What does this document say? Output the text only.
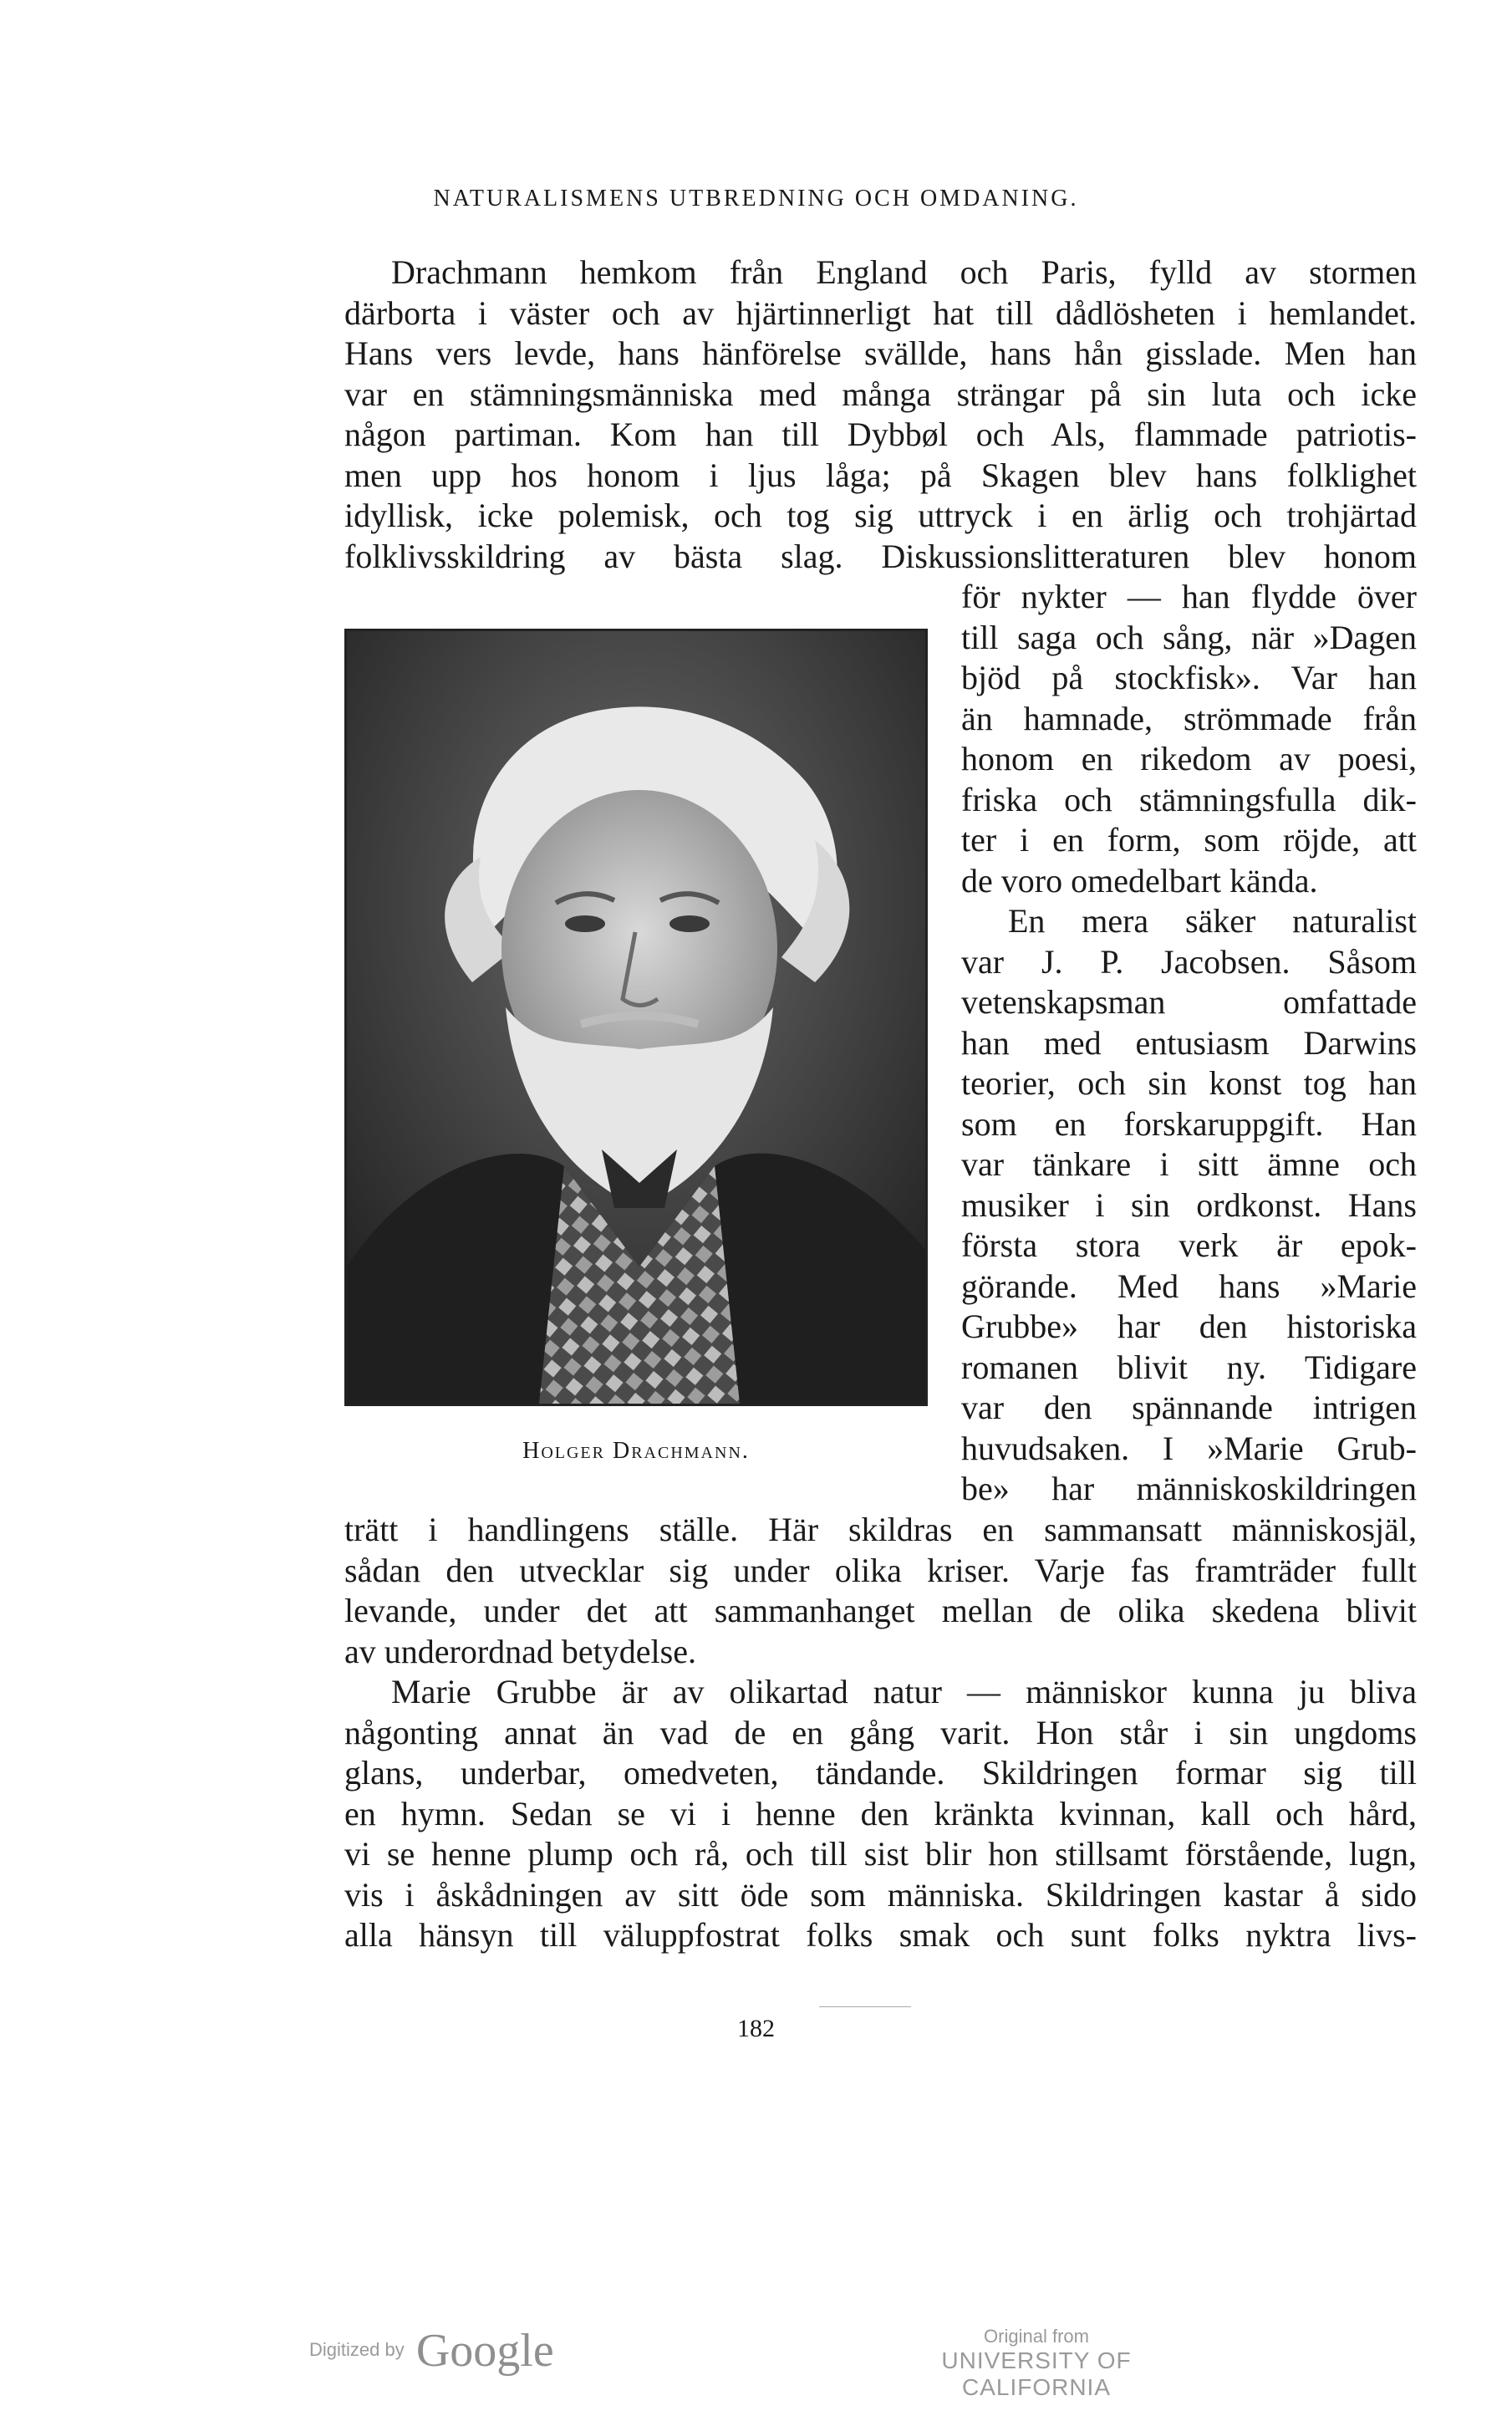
NATURALISMENS UTBREDNING OCH OMDANING.
Drachmann hemkom från England och Paris, fylld av stormen
därborta i väster och av hjärtinnerligt hat till dådlösheten i hemlandet.
Hans vers levde, hans hänförelse svällde, hans hån gisslade. Men han
var en stämningsmänniska med många strängar på sin luta och icke
någon partiman. Kom han till Dybbøl och Als, flammade patriotis-
men upp hos honom i ljus låga; på Skagen blev hans folklighet
idyllisk, icke polemisk, och tog sig uttryck i en ärlig och trohjärtad
folklivsskildring av bästa slag. Diskussionslitteraturen blev honom
för nykter — han flydde över
till saga och sång, när »Dagen
bjöd på stockfisk». Var han
än hamnade, strömmade från
honom en rikedom av poesi,
friska och stämningsfulla dik-
ter i en form, som röjde, att
de voro omedelbart kända.
En mera säker naturalist
var J. P. Jacobsen. Såsom
vetenskapsman omfattade
han med entusiasm Darwins
teorier, och sin konst tog han
som en forskaruppgift. Han
var tänkare i sitt ämne och
musiker i sin ordkonst. Hans
första stora verk är epok-
görande. Med hans »Marie
Grubbe» har den historiska
romanen blivit ny. Tidigare
var den spännande intrigen
huvudsaken. I »Marie Grub-
be» har människoskildringen
Holger Drachmann.
trätt i handlingens ställe. Här skildras en sammansatt människosjäl,
sådan den utvecklar sig under olika kriser. Varje fas framträder fullt
levande, under det att sammanhanget mellan de olika skedena blivit
av underordnad betydelse.
Marie Grubbe är av olikartad natur — människor kunna ju bliva
någonting annat än vad de en gång varit. Hon står i sin ungdoms
glans, underbar, omedveten, tändande. Skildringen formar sig till
en hymn. Sedan se vi i henne den kränkta kvinnan, kall och hård,
vi se henne plump och rå, och till sist blir hon stillsamt förstående, lugn,
vis i åskådningen av sitt öde som människa. Skildringen kastar å sido
alla hänsyn till väluppfostrat folks smak och sunt folks nyktra livs-
182
Digitized by Google	Original from
UNIVERSITY OF CALIFORNIA
